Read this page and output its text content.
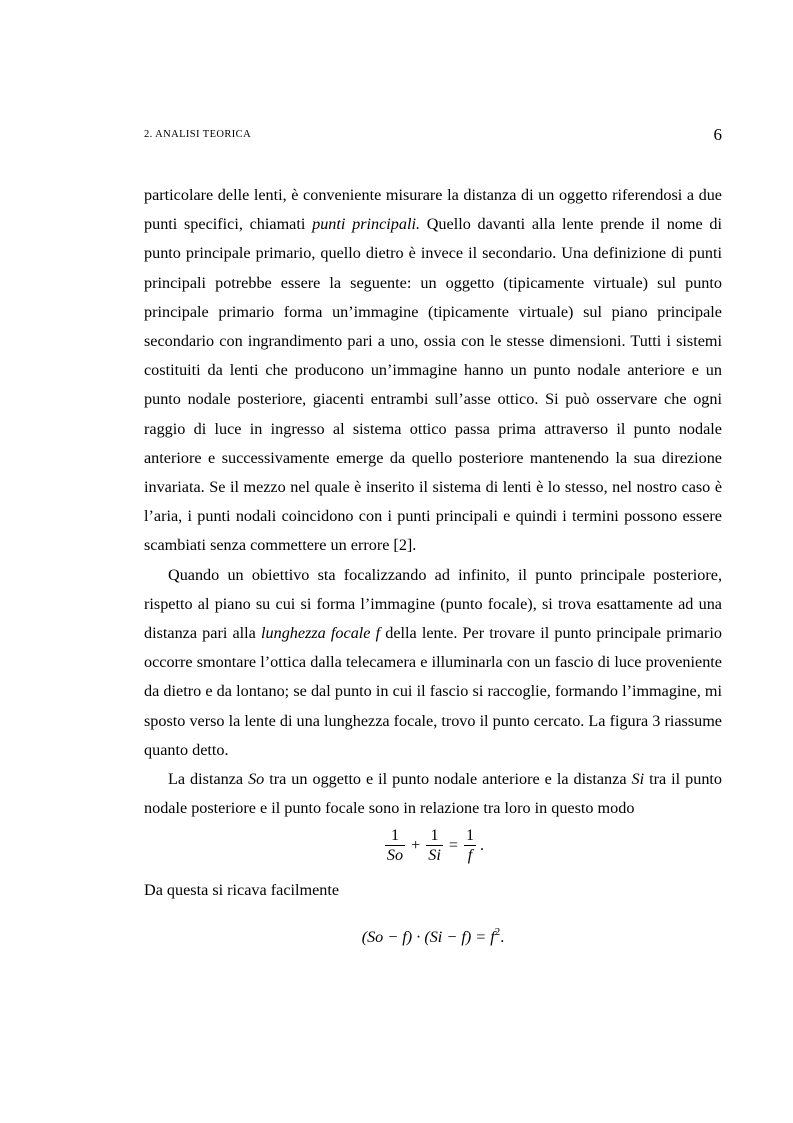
2. ANALISI TEORICA	6

particolare delle lenti, è conveniente misurare la distanza di un oggetto riferendosi a due punti specifici, chiamati punti principali. Quello davanti alla lente prende il nome di punto principale primario, quello dietro è invece il secondario. Una definizione di punti principali potrebbe essere la seguente: un oggetto (tipicamente virtuale) sul punto principale primario forma un’immagine (tipicamente virtuale) sul piano principale secondario con ingrandimento pari a uno, ossia con le stesse dimensioni. Tutti i sistemi costituiti da lenti che producono un’immagine hanno un punto nodale anteriore e un punto nodale posteriore, giacenti entrambi sull’asse ottico. Si può osservare che ogni raggio di luce in ingresso al sistema ottico passa prima attraverso il punto nodale anteriore e successivamente emerge da quello posteriore mantenendo la sua direzione invariata. Se il mezzo nel quale è inserito il sistema di lenti è lo stesso, nel nostro caso è l’aria, i punti nodali coincidono con i punti principali e quindi i termini possono essere scambiati senza commettere un errore [2].

Quando un obiettivo sta focalizzando ad infinito, il punto principale posteriore, rispetto al piano su cui si forma l’immagine (punto focale), si trova esattamente ad una distanza pari alla lunghezza focale f della lente. Per trovare il punto principale primario occorre smontare l’ottica dalla telecamera e illuminarla con un fascio di luce proveniente da dietro e da lontano; se dal punto in cui il fascio si raccoglie, formando l’immagine, mi sposto verso la lente di una lunghezza focale, trovo il punto cercato. La figura 3 riassume quanto detto.

La distanza So tra un oggetto e il punto nodale anteriore e la distanza Si tra il punto nodale posteriore e il punto focale sono in relazione tra loro in questo modo

$\frac{1}{So} + \frac{1}{Si} = \frac{1}{f}$ .
Da questa si ricava facilmente
$(So - f) \cdot (Si - f) = f^2$.
